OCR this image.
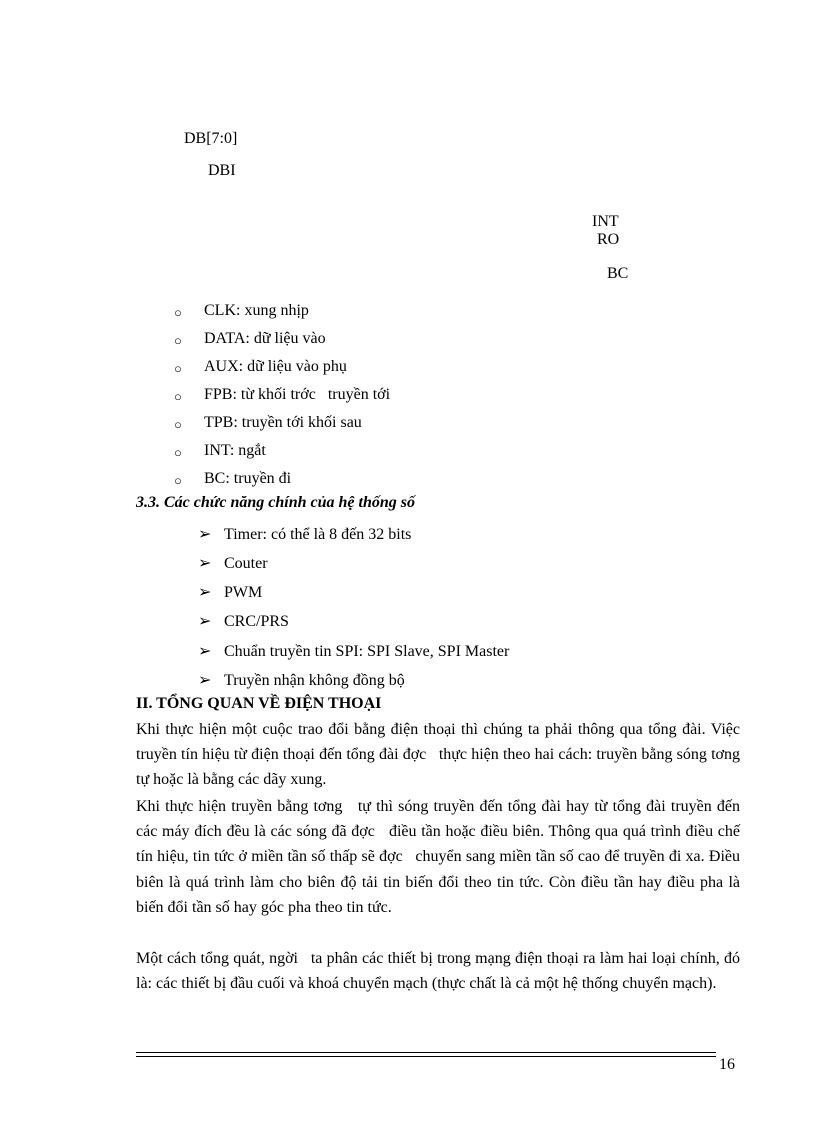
DB[7:0]
DBI
INT
RO
BC
○ CLK: xung nhịp
○ DATA: dữ liệu vào
○ AUX: dữ liệu vào phụ
○ FPB: từ khối trớc   truyền tới
○ TPB: truyền tới khối sau
○ INT: ngắt
○ BC: truyền đi
3.3. Các chức năng chính của hệ thống số
➢ Timer: có thể là 8 đến 32 bits
➢ Couter
➢ PWM
➢ CRC/PRS
➢ Chuẩn truyền tin SPI: SPI Slave, SPI Master
➢ Truyền nhận không đồng bộ
II. TỔNG QUAN VỀ ĐIỆN THOẠI
Khi thực hiện một cuộc trao đổi bằng điện thoại thì chúng ta phải thông qua tổng đài. Việc truyền tín hiệu từ điện thoại đến tổng đài đợc   thực hiện theo hai cách: truyền bằng sóng tơng   tự hoặc là bằng các dãy xung.
Khi thực hiện truyền bằng tơng   tự thì sóng truyền đến tổng đài hay từ tổng đài truyền đến các máy đích đều là các sóng đã đợc   điều tần hoặc điều biên. Thông qua quá trình điều chế tín hiệu, tin tức ở miền tần số thấp sẽ đợc   chuyển sang miền tần số cao để truyền đi xa. Điều biên là quá trình làm cho biên độ tải tin biến đổi theo tin tức. Còn điều tần hay điều pha là biến đổi tần số hay góc pha theo tin tức.
Một cách tổng quát, ngời   ta phân các thiết bị trong mạng điện thoại ra làm hai loại chính, đó là: các thiết bị đầu cuối và khoá chuyển mạch (thực chất là cả một hệ thống chuyển mạch).
16
